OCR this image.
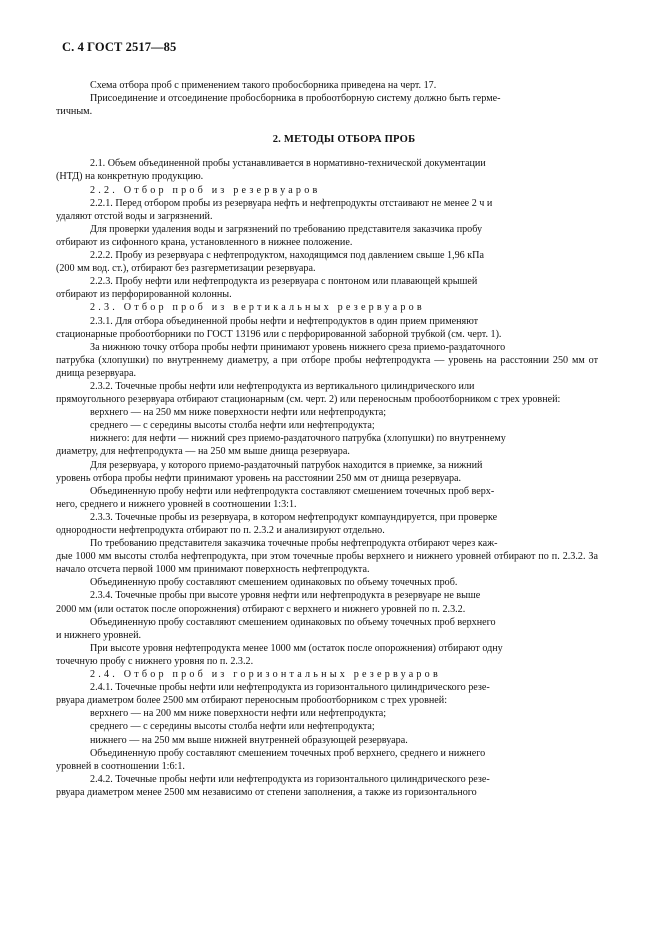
С. 4 ГОСТ 2517—85

Схема отбора проб с применением такого пробосборника приведена на черт. 17.

Присоединение и отсоединение пробосборника в пробоотборную систему должно быть герме-
тичным.

2. МЕТОДЫ ОТБОРА ПРОБ

2.1. Объем объединенной пробы устанавливается в нормативно-технической документации
(НТД) на конкретную продукцию.

2.2. Отбор проб из резервуаров

2.2.1. Перед отбором пробы из резервуара нефть и нефтепродукты отстаивают не менее 2 ч и
удаляют отстой воды и загрязнений.

Для проверки удаления воды и загрязнений по требованию представителя заказчика пробу
отбирают из сифонного крана, установленного в нижнее положение.

2.2.2. Пробу из резервуара с нефтепродуктом, находящимся под давлением свыше 1,96 кПа
(200 мм вод. ст.), отбирают без разгерметизации резервуара.

2.2.3. Пробу нефти или нефтепродукта из резервуара с понтоном или плавающей крышей
отбирают из перфорированной колонны.

2.3. Отбор проб из вертикальных резервуаров

2.3.1. Для отбора объединенной пробы нефти и нефтепродуктов в один прием применяют
стационарные пробоотборники по ГОСТ 13196 или с перфорированной заборной трубкой (см. черт. 1).

За нижнюю точку отбора пробы нефти принимают уровень нижнего среза приемо-раздаточного
патрубка (хлопушки) по внутреннему диаметру, а при отборе пробы нефтепродукта — уровень на расстоянии 250 мм от днища резервуара.

2.3.2. Точечные пробы нефти или нефтепродукта из вертикального цилиндрического или
прямоугольного резервуара отбирают стационарным (см. черт. 2) или переносным пробоотборником с трех уровней:

верхнего — на 250 мм ниже поверхности нефти или нефтепродукта;

среднего — с середины высоты столба нефти или нефтепродукта;

нижнего: для нефти — нижний срез приемо-раздаточного патрубка (хлопушки) по внутреннему
диаметру, для нефтепродукта — на 250 мм выше днища резервуара.

Для резервуара, у которого приемо-раздаточный патрубок находится в приемке, за нижний
уровень отбора пробы нефти принимают уровень на расстоянии 250 мм от днища резервуара.

Объединенную пробу нефти или нефтепродукта составляют смешением точечных проб верх-
него, среднего и нижнего уровней в соотношении 1:3:1.

2.3.3. Точечные пробы из резервуара, в котором нефтепродукт компаундируется, при проверке
однородности нефтепродукта отбирают по п. 2.3.2 и анализируют отдельно.

По требованию представителя заказчика точечные пробы нефтепродукта отбирают через каж-
дые 1000 мм высоты столба нефтепродукта, при этом точечные пробы верхнего и нижнего уровней отбирают по п. 2.3.2. За начало отсчета первой 1000 мм принимают поверхность нефтепродукта.

Объединенную пробу составляют смешением одинаковых по объему точечных проб.

2.3.4. Точечные пробы при высоте уровня нефти или нефтепродукта в резервуаре не выше
2000 мм (или остаток после опорожнения) отбирают с верхнего и нижнего уровней по п. 2.3.2.

Объединенную пробу составляют смешением одинаковых по объему точечных проб верхнего
и нижнего уровней.

При высоте уровня нефтепродукта менее 1000 мм (остаток после опорожнения) отбирают одну
точечную пробу с нижнего уровня по п. 2.3.2.

2.4. Отбор проб из горизонтальных резервуаров

2.4.1. Точечные пробы нефти или нефтепродукта из горизонтального цилиндрического резе-
рвуара диаметром более 2500 мм отбирают переносным пробоотборником с трех уровней:

верхнего — на 200 мм ниже поверхности нефти или нефтепродукта;

среднего — с середины высоты столба нефти или нефтепродукта;

нижнего — на 250 мм выше нижней внутренней образующей резервуара.

Объединенную пробу составляют смешением точечных проб верхнего, среднего и нижнего
уровней в соотношении 1:6:1.

2.4.2. Точечные пробы нефти или нефтепродукта из горизонтального цилиндрического резе-
рвуара диаметром менее 2500 мм независимо от степени заполнения, а также из горизонтального
